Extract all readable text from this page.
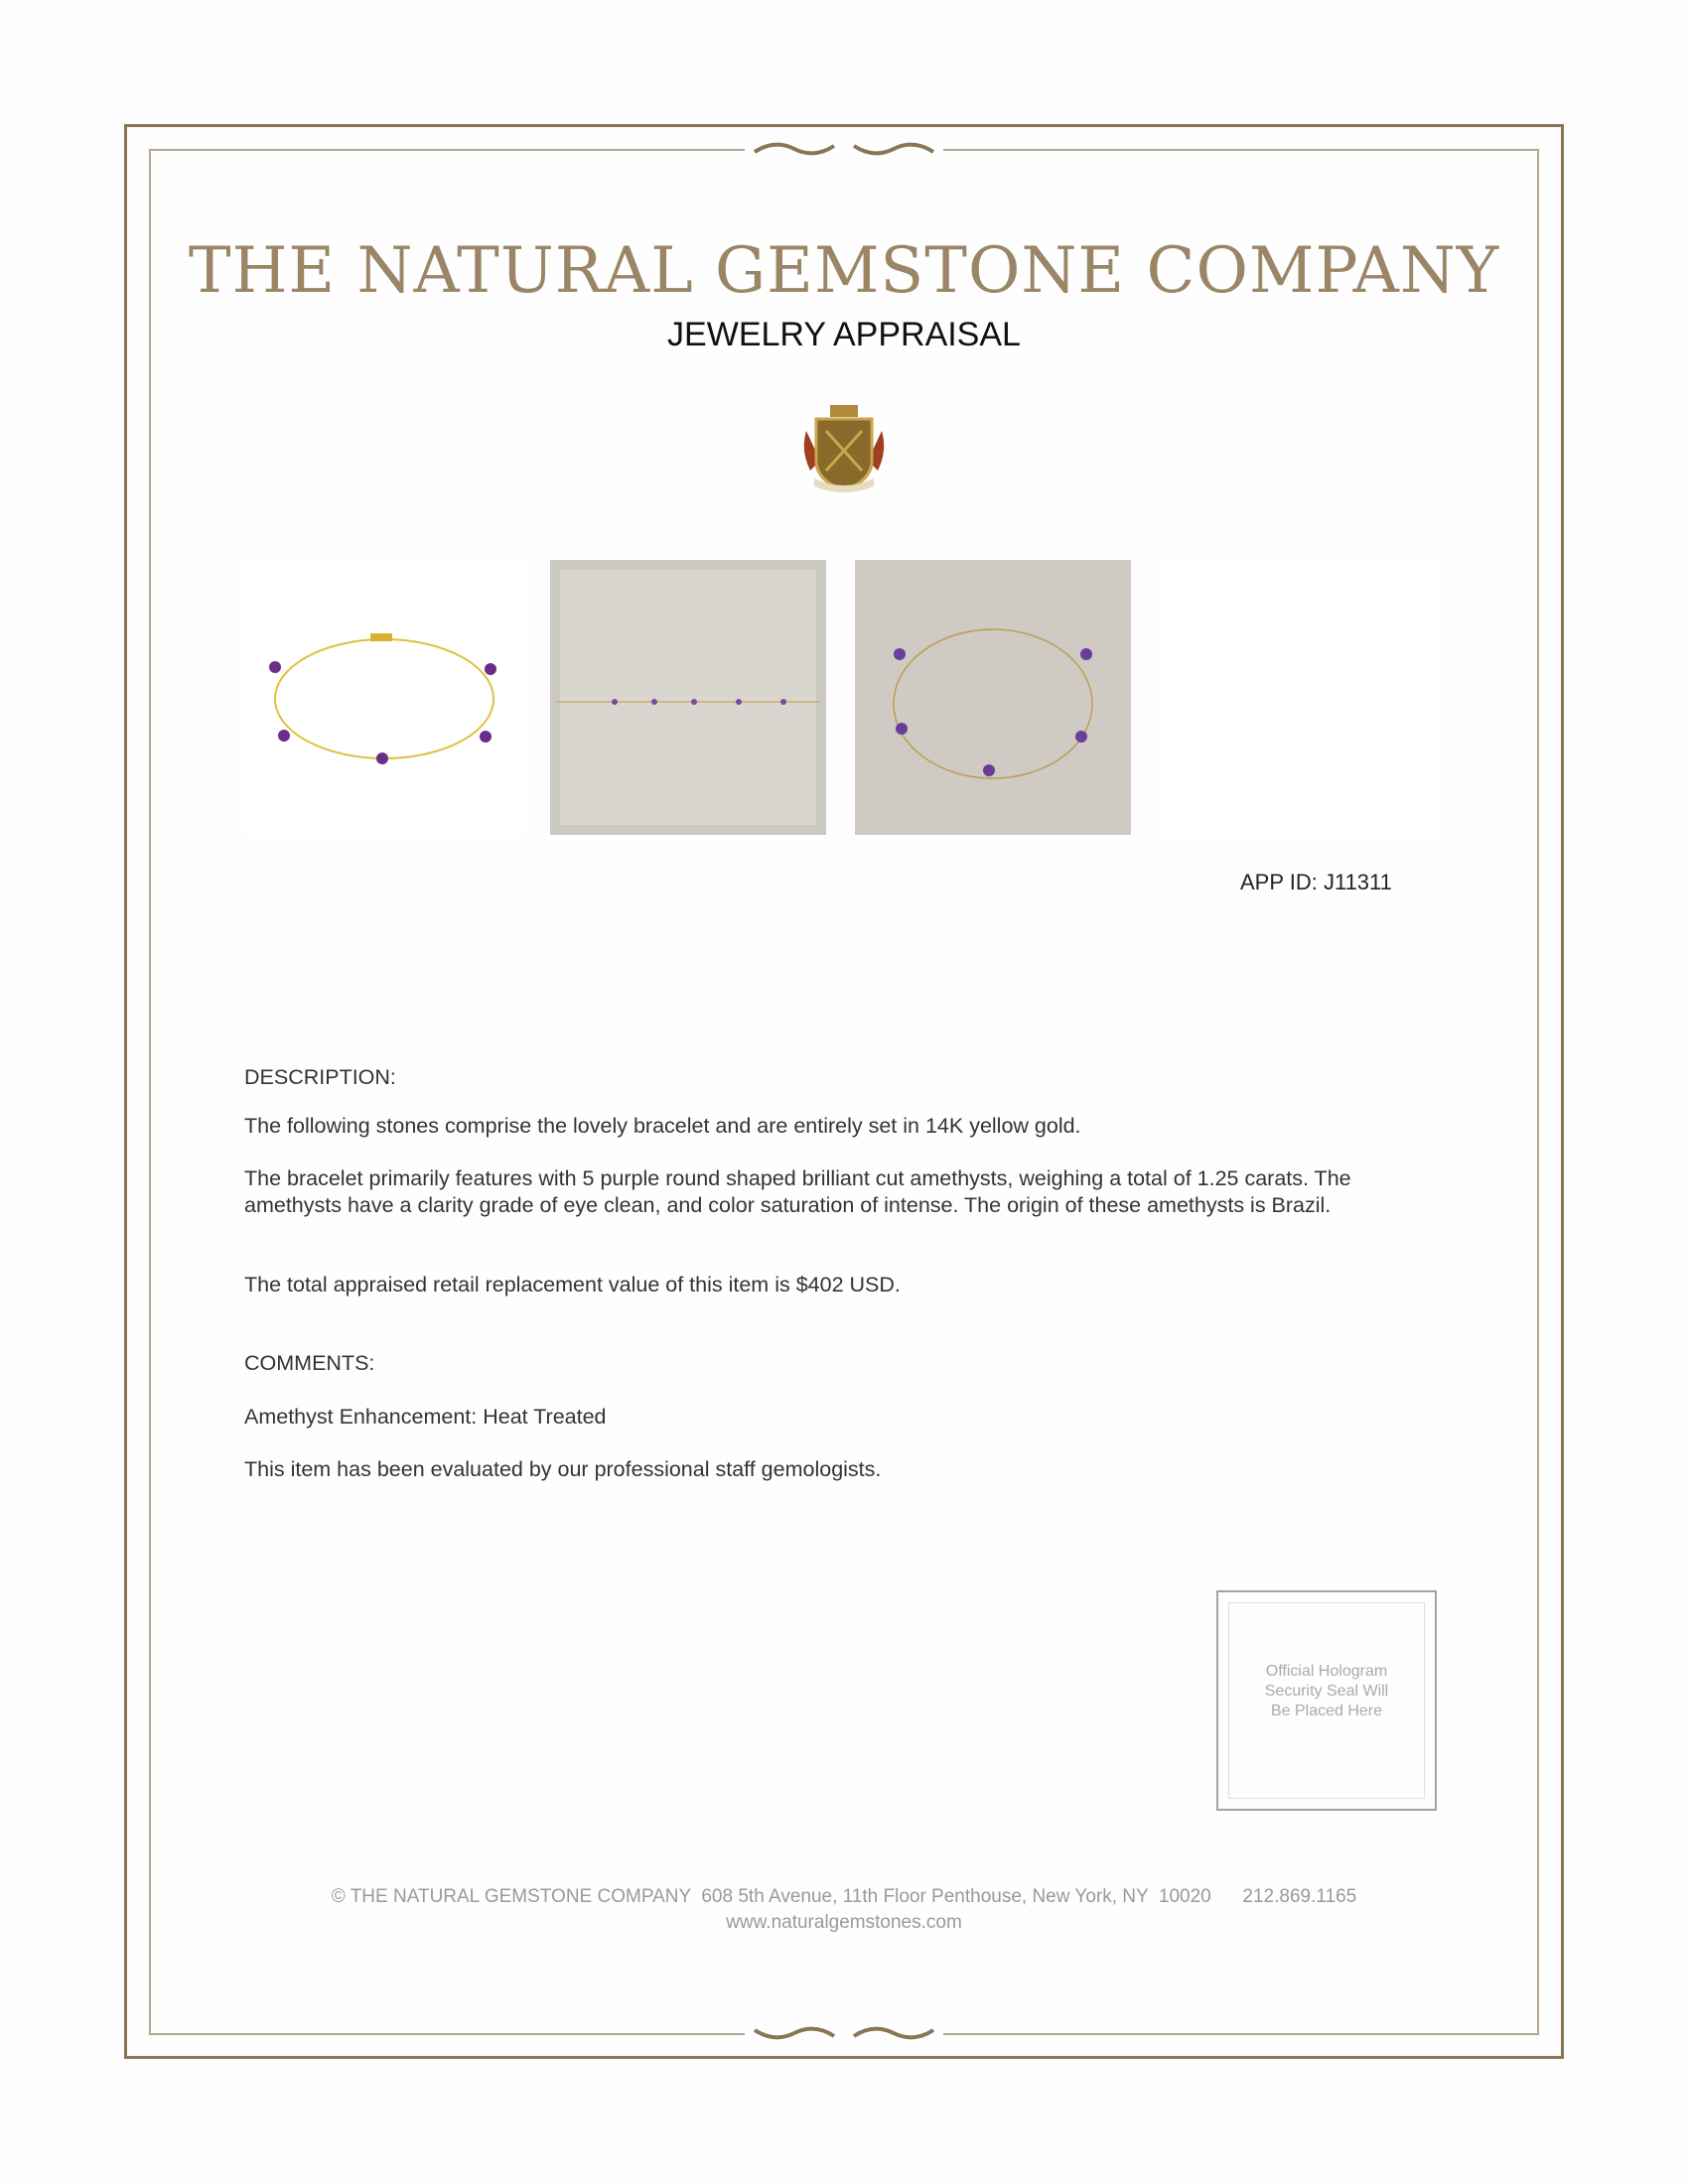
THE NATURAL GEMSTONE COMPANY
JEWELRY APPRAISAL
APP ID: J11311
DESCRIPTION:
The following stones comprise the lovely bracelet and are entirely set in 14K yellow gold.
The bracelet primarily features with 5 purple round shaped brilliant cut amethysts, weighing a total of 1.25 carats. The amethysts have a clarity grade of eye clean, and color saturation of intense. The origin of these amethysts is Brazil.
The total appraised retail replacement value of this item is $402 USD.
COMMENTS:
Amethyst Enhancement: Heat Treated
This item has been evaluated by our professional staff gemologists.
Official Hologram
Security Seal Will
Be Placed Here
© THE NATURAL GEMSTONE COMPANY  608 5th Avenue, 11th Floor Penthouse, New York, NY  10020      212.869.1165
www.naturalgemstones.com
